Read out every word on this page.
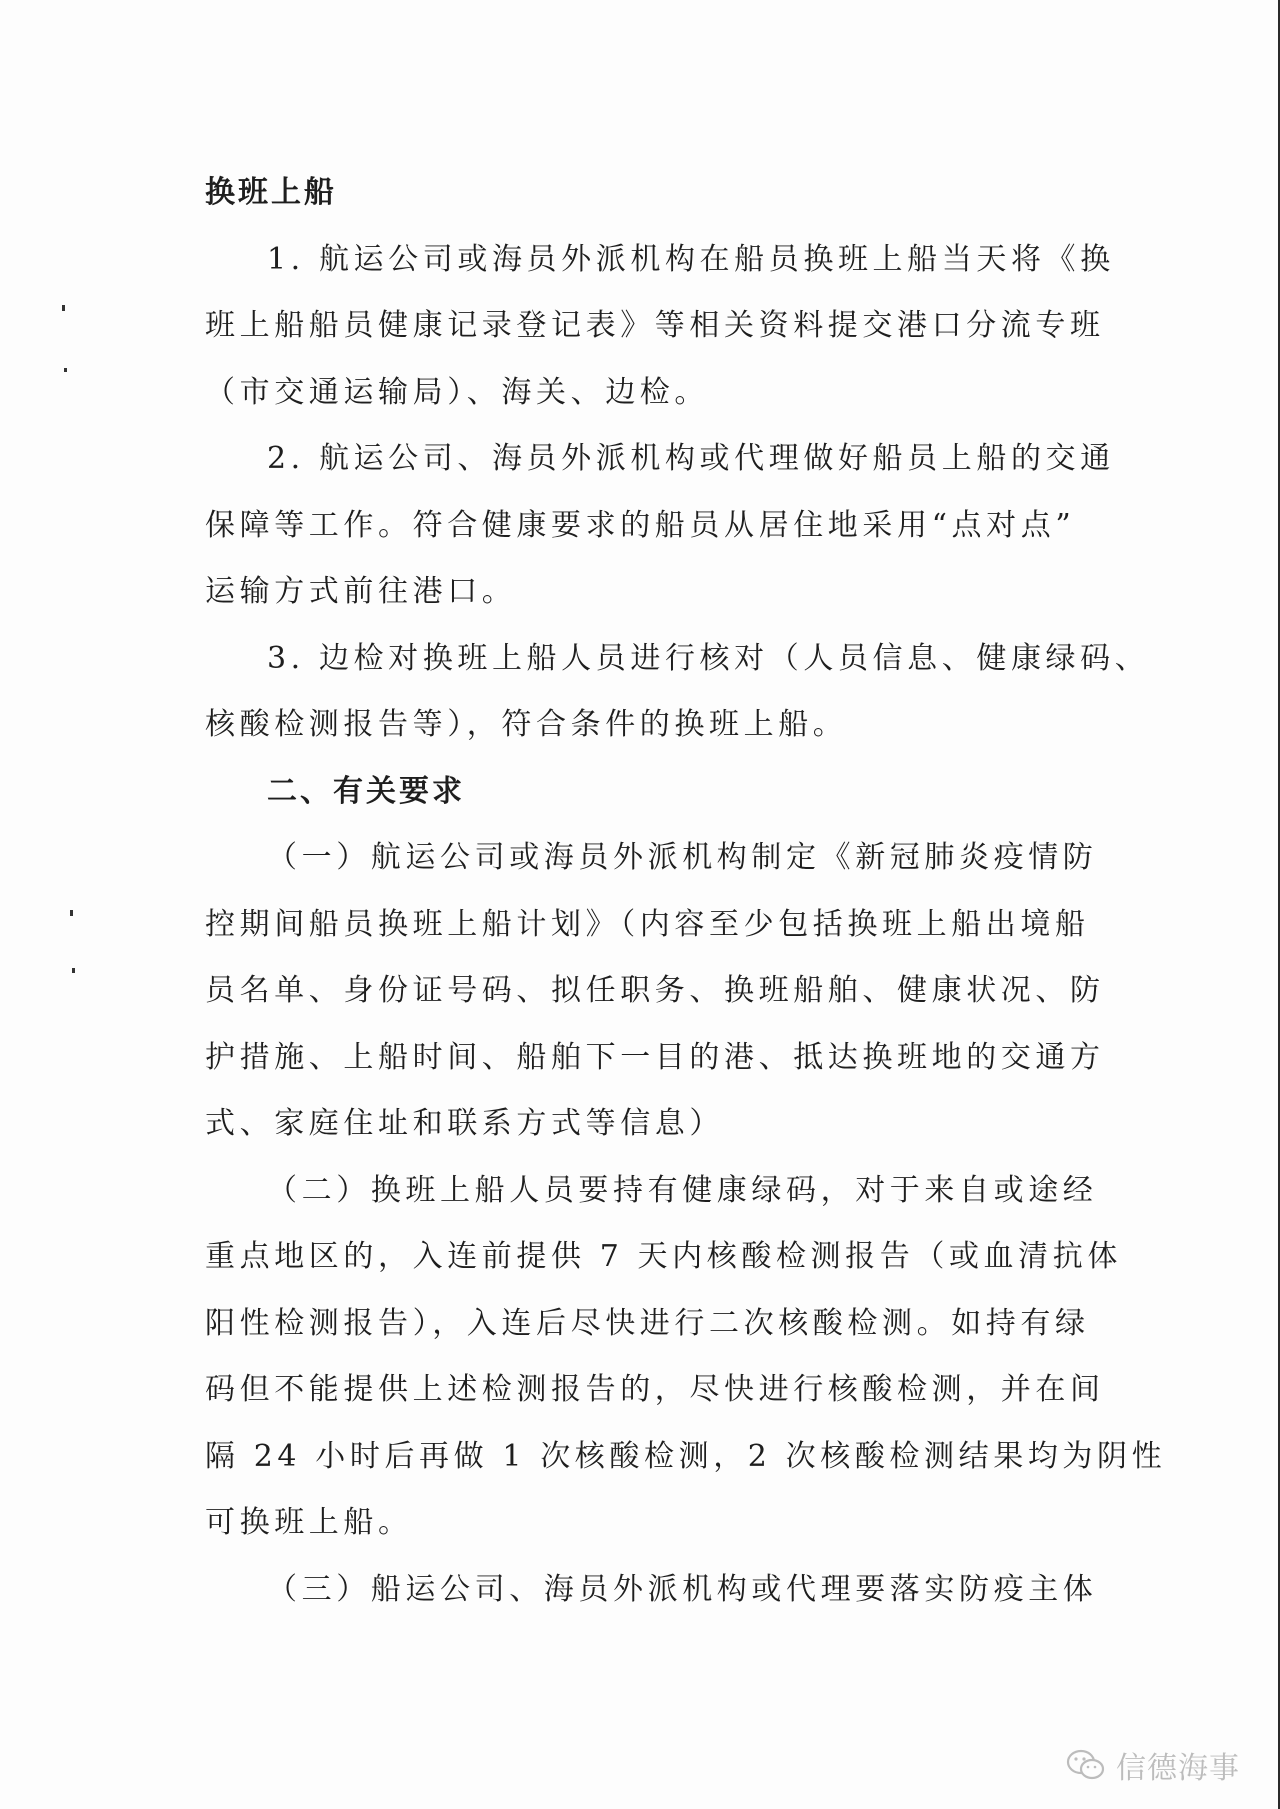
换班上船
1. 航运公司或海员外派机构在船员换班上船当天将《换
班上船船员健康记录登记表》等相关资料提交港口分流专班
（市交通运输局）、海关、边检。
2. 航运公司、海员外派机构或代理做好船员上船的交通
保障等工作。符合健康要求的船员从居住地采用“点对点”
运输方式前往港口。
3. 边检对换班上船人员进行核对（人员信息、健康绿码、
核酸检测报告等），符合条件的换班上船。
二、有关要求
（一）航运公司或海员外派机构制定《新冠肺炎疫情防
控期间船员换班上船计划》（内容至少包括换班上船出境船
员名单、身份证号码、拟任职务、换班船舶、健康状况、防
护措施、上船时间、船舶下一目的港、抵达换班地的交通方
式、家庭住址和联系方式等信息）
（二）换班上船人员要持有健康绿码，对于来自或途经
重点地区的，入连前提供 7 天内核酸检测报告（或血清抗体
阳性检测报告），入连后尽快进行二次核酸检测。如持有绿
码但不能提供上述检测报告的，尽快进行核酸检测，并在间
隔 24 小时后再做 1 次核酸检测，2 次核酸检测结果均为阴性
可换班上船。
（三）船运公司、海员外派机构或代理要落实防疫主体
信德海事
